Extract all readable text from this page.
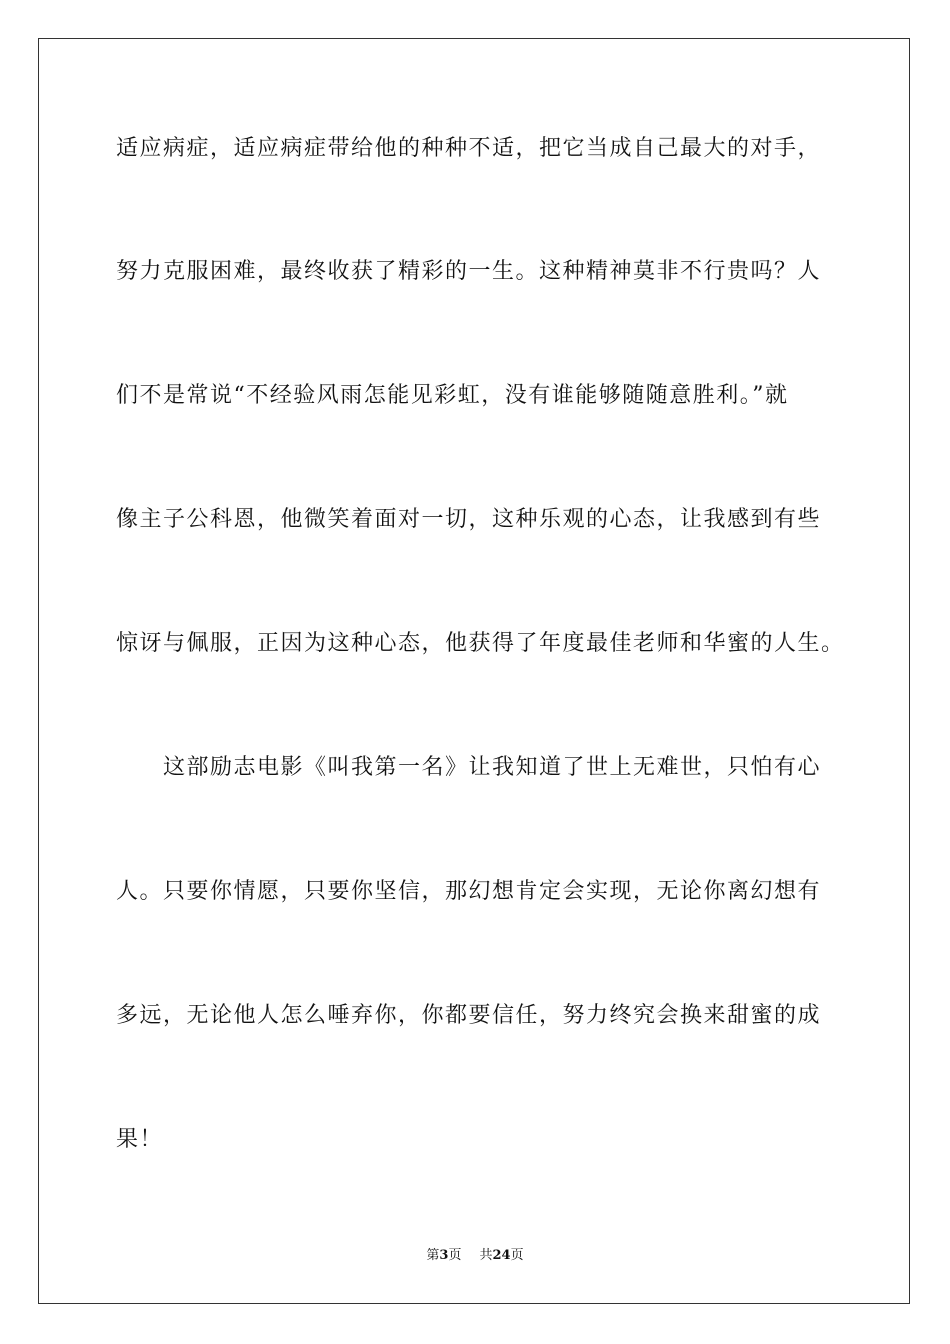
适应病症，适应病症带给他的种种不适，把它当成自己最大的对手，
努力克服困难，最终收获了精彩的一生。这种精神莫非不行贵吗？人
们不是常说“不经验风雨怎能见彩虹，没有谁能够随随意胜利。”就
像主子公科恩，他微笑着面对一切，这种乐观的心态，让我感到有些
惊讶与佩服，正因为这种心态，他获得了年度最佳老师和华蜜的人生。
这部励志电影《叫我第一名》让我知道了世上无难世，只怕有心
人。只要你情愿，只要你坚信，那幻想肯定会实现，无论你离幻想有
多远，无论他人怎么唾弃你，你都要信任，努力终究会换来甜蜜的成
果！
第3页 共24页
